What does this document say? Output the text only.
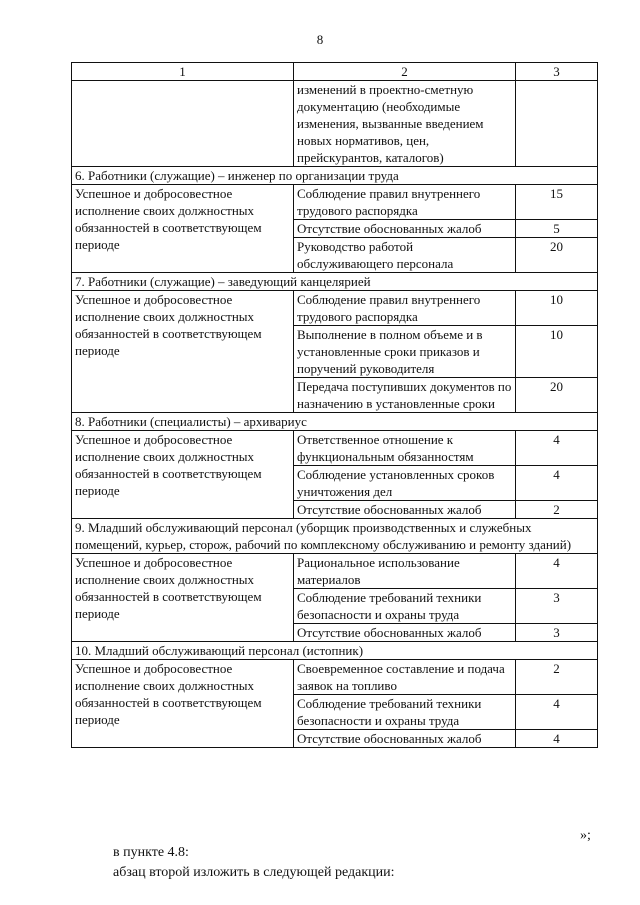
8
1	2	3
	изменений в проектно-сметную документацию (необходимые изменения, вызванные введением новых нормативов, цен, прейскурантов, каталогов)	
6. Работники (служащие) – инженер по организации труда		
Успешное и добросовестное исполнение своих должностных обязанностей в соответствующем периоде	Соблюдение правил внутреннего трудового распорядка	15
	Отсутствие обоснованных жалоб	5
	Руководство работой обслуживающего персонала	20
7. Работники (служащие) – заведующий канцелярией		
Успешное и добросовестное исполнение своих должностных обязанностей в соответствующем периоде	Соблюдение правил внутреннего трудового распорядка	10
	Выполнение в полном объеме и в установленные сроки приказов и поручений руководителя	10
	Передача поступивших документов по назначению в установленные сроки	20
8. Работники (специалисты) – архивариус		
Успешное и добросовестное исполнение своих должностных обязанностей в соответствующем периоде	Ответственное отношение к функциональным обязанностям	4
	Соблюдение установленных сроков уничтожения дел	4
	Отсутствие обоснованных жалоб	2
9. Младший обслуживающий персонал (уборщик производственных и служебных помещений, курьер, сторож, рабочий по комплексному обслуживанию и ремонту зданий)		
Успешное и добросовестное исполнение своих должностных обязанностей в соответствующем периоде	Рациональное использование материалов	4
	Соблюдение требований техники безопасности и охраны труда	3
	Отсутствие обоснованных жалоб	3
10. Младший обслуживающий персонал (истопник)		
Успешное и добросовестное исполнение своих должностных обязанностей в соответствующем периоде	Своевременное составление и подача заявок на топливо	2
	Соблюдение требований техники безопасности и охраны труда	4
	Отсутствие обоснованных жалоб	4
»;
в пункте 4.8:
абзац второй изложить в следующей редакции:
